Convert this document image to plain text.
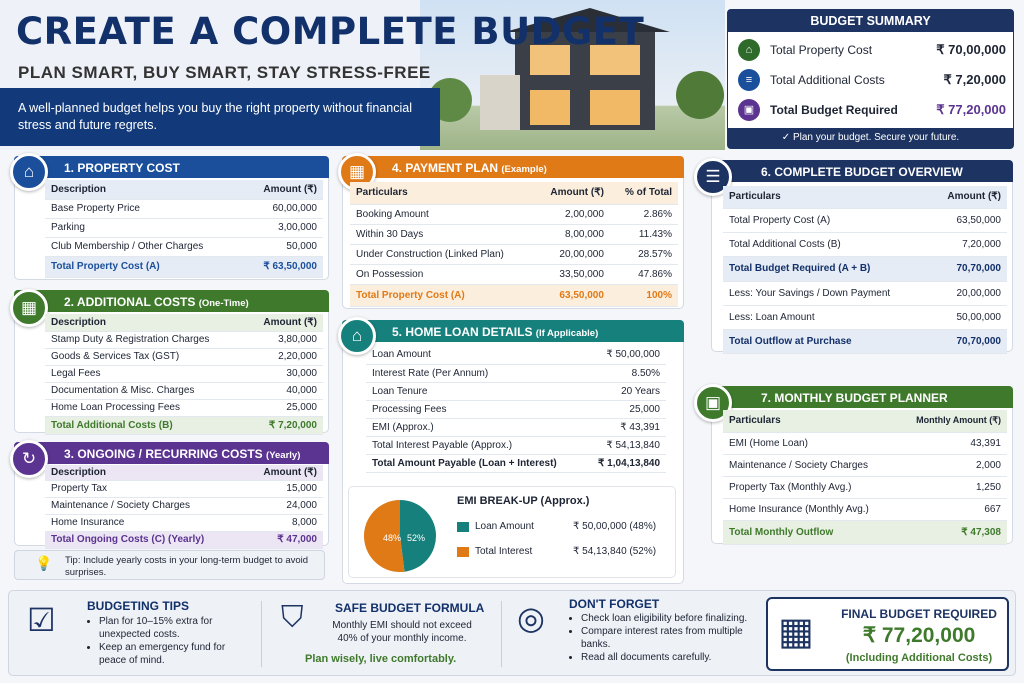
CREATE A COMPLETE BUDGET
PLAN SMART, BUY SMART, STAY STRESS-FREE
A well-planned budget helps you buy the right property without financial stress and future regrets.
BUDGET SUMMARY
⌂	Total Property Cost	₹ 70,00,000
≡	Total Additional Costs	₹ 7,20,000
▣	Total Budget Required	₹ 77,20,000
✓ Plan your budget. Secure your future.
1. PROPERTY COST
⌂
Description	Amount (₹)
Base Property Price	60,00,000
Parking	3,00,000
Club Membership / Other Charges	50,000
Total Property Cost (A)	₹ 63,50,000
2. ADDITIONAL COSTS (One-Time)
▦
Description	Amount (₹)
Stamp Duty & Registration Charges	3,80,000
Goods & Services Tax (GST)	2,20,000
Legal Fees	30,000
Documentation & Misc. Charges	40,000
Home Loan Processing Fees	25,000
Total Additional Costs (B)	₹ 7,20,000
3. ONGOING / RECURRING COSTS (Yearly)
↻
Description	Amount (₹)
Property Tax	15,000
Maintenance / Society Charges	24,000
Home Insurance	8,000
Total Ongoing Costs (C) (Yearly)	₹ 47,000
💡 Tip: Include yearly costs in your long-term budget to avoid surprises.
4. PAYMENT PLAN (Example)
▦
Particulars	Amount (₹)	% of Total
Booking Amount	2,00,000	2.86%
Within 30 Days	8,00,000	11.43%
Under Construction (Linked Plan)	20,00,000	28.57%
On Possession	33,50,000	47.86%
Total Property Cost (A)	63,50,000	100%
5. HOME LOAN DETAILS (If Applicable)
⌂
Loan Amount	₹ 50,00,000
Interest Rate (Per Annum)	8.50%
Loan Tenure	20 Years
Processing Fees	25,000
EMI (Approx.)	₹ 43,391
Total Interest Payable (Approx.)	₹ 54,13,840
Total Amount Payable (Loan + Interest)	₹ 1,04,13,840
EMI BREAK-UP (Approx.)
48% 52%
Loan Amount	₹ 50,00,000 (48%)
Total Interest	₹ 54,13,840 (52%)
6. COMPLETE BUDGET OVERVIEW
☰
Particulars	Amount (₹)
Total Property Cost (A)	63,50,000
Total Additional Costs (B)	7,20,000
Total Budget Required (A + B)	70,70,000
Less: Your Savings / Down Payment	20,00,000
Less: Loan Amount	50,00,000
Total Outflow at Purchase	70,70,000
7. MONTHLY BUDGET PLANNER
▣
Particulars	Monthly Amount (₹)
EMI (Home Loan)	43,391
Maintenance / Society Charges	2,000
Property Tax (Monthly Avg.)	1,250
Home Insurance (Monthly Avg.)	667
Total Monthly Outflow	₹ 47,308
☑	BUDGETING TIPS
• Plan for 10–15% extra for unexpected costs.
• Keep an emergency fund for peace of mind.
⛉	SAFE BUDGET FORMULA
Monthly EMI should not exceed 40% of your monthly income.
Plan wisely, live comfortably.
◎ DON'T FORGET
• Check loan eligibility before finalizing.
• Compare interest rates from multiple banks.
• Read all documents carefully.
▦	FINAL BUDGET REQUIRED
₹ 77,20,000
(Including Additional Costs)
